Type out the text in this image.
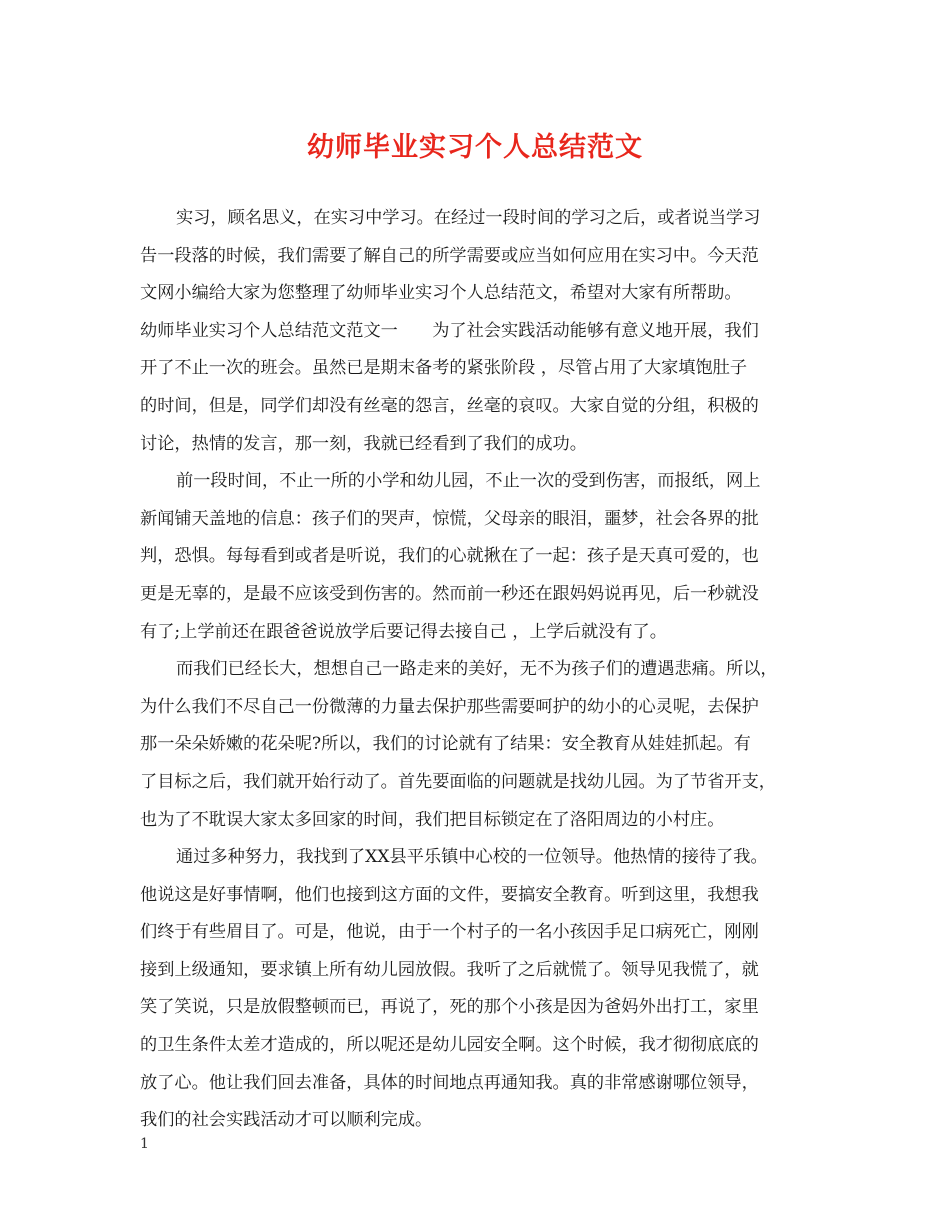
幼师毕业实习个人总结范文

实习，顾名思义，在实习中学习。在经过一段时间的学习之后，或者说当学习
告一段落的时候，我们需要了解自己的所学需要或应当如何应用在实习中。今天范
文网小编给大家为您整理了幼师毕业实习个人总结范文，希望对大家有所帮助。

幼师毕业实习个人总结范文范文一　　为了社会实践活动能够有意义地开展，我们
开了不止一次的班会。虽然已是期末备考的紧张阶段 ，尽管占用了大家填饱肚子
的时间，但是，同学们却没有丝毫的怨言，丝毫的哀叹。大家自觉的分组，积极的
讨论，热情的发言，那一刻，我就已经看到了我们的成功。

前一段时间，不止一所的小学和幼儿园，不止一次的受到伤害，而报纸，网上
新闻铺天盖地的信息：孩子们的哭声，惊慌，父母亲的眼泪，噩梦，社会各界的批
判，恐惧。每每看到或者是听说，我们的心就揪在了一起：孩子是天真可爱的，也
更是无辜的，是最不应该受到伤害的。然而前一秒还在跟妈妈说再见，后一秒就没
有了;上学前还在跟爸爸说放学后要记得去接自己 ，上学后就没有了。

而我们已经长大，想想自己一路走来的美好，无不为孩子们的遭遇悲痛。所以，
为什么我们不尽自己一份微薄的力量去保护那些需要呵护的幼小的心灵呢，去保护
那一朵朵娇嫩的花朵呢?所以，我们的讨论就有了结果：安全教育从娃娃抓起。有
了目标之后，我们就开始行动了。首先要面临的问题就是找幼儿园。为了节省开支，
也为了不耽误大家太多回家的时间，我们把目标锁定在了洛阳周边的小村庄。

通过多种努力，我找到了XX县平乐镇中心校的一位领导。他热情的接待了我。
他说这是好事情啊，他们也接到这方面的文件，要搞安全教育。听到这里，我想我
们终于有些眉目了。可是，他说，由于一个村子的一名小孩因手足口病死亡，刚刚
接到上级通知，要求镇上所有幼儿园放假。我听了之后就慌了。领导见我慌了，就
笑了笑说，只是放假整顿而已，再说了，死的那个小孩是因为爸妈外出打工，家里
的卫生条件太差才造成的，所以呢还是幼儿园安全啊。这个时候，我才彻彻底底的
放了心。他让我们回去准备，具体的时间地点再通知我。真的非常感谢哪位领导，
我们的社会实践活动才可以顺利完成。

1
